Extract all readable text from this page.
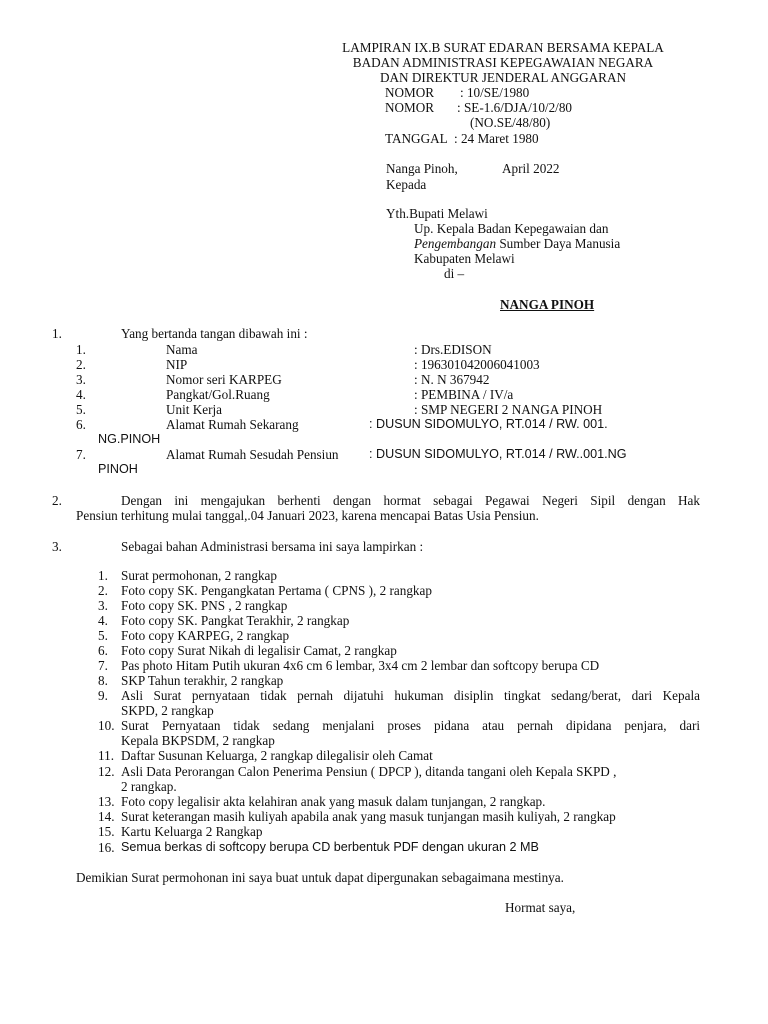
LAMPIRAN IX.B SURAT EDARAN BERSAMA KEPALA
BADAN ADMINISTRASI KEPEGAWAIAN NEGARA
DAN DIREKTUR JENDERAL ANGGARAN
NOMOR : 10/SE/1980
NOMOR : SE-1.6/DJA/10/2/80
(NO.SE/48/80)
TANGGAL : 24 Maret 1980
Nanga Pinoh,	April 2022
Kepada
Yth.Bupati Melawi
Up. Kepala Badan Kepegawaian dan
Pengembangan Sumber Daya Manusia
Kabupaten Melawi
di –
NANGA PINOH
1.	Yang bertanda tangan dibawah ini :
1.	Nama	: Drs.EDISON
2.	NIP	: 196301042006041003
3.	Nomor seri KARPEG	: N. N 367942
4.	Pangkat/Gol.Ruang	: PEMBINA / IV/a
5.	Unit Kerja	: SMP NEGERI 2 NANGA PINOH
6.	Alamat Rumah Sekarang	: DUSUN SIDOMULYO, RT.014 / RW. 001.
NG.PINOH
7.	Alamat Rumah Sesudah Pensiun : DUSUN SIDOMULYO, RT.014 / RW..001.NG
PINOH
2.	Dengan ini mengajukan berhenti dengan hormat sebagai Pegawai Negeri Sipil dengan Hak
Pensiun terhitung mulai tanggal,.04 Januari 2023, karena mencapai Batas Usia Pensiun.
3.	Sebagai bahan Administrasi bersama ini saya lampirkan :
1. Surat permohonan, 2 rangkap
2. Foto copy SK. Pengangkatan Pertama ( CPNS ), 2 rangkap
3. Foto copy SK. PNS , 2 rangkap
4. Foto copy SK. Pangkat Terakhir, 2 rangkap
5. Foto copy KARPEG, 2 rangkap
6. Foto copy Surat Nikah di legalisir Camat, 2 rangkap
7. Pas photo Hitam Putih ukuran 4x6 cm 6 lembar, 3x4 cm 2 lembar dan softcopy berupa CD
8. SKP Tahun terakhir, 2 rangkap
9. Asli Surat pernyataan tidak pernah dijatuhi hukuman disiplin tingkat sedang/berat, dari Kepala
SKPD, 2 rangkap
10. Surat Pernyataan tidak sedang menjalani proses pidana atau pernah dipidana penjara, dari
Kepala BKPSDM, 2 rangkap
11. Daftar Susunan Keluarga, 2 rangkap dilegalisir oleh Camat
12. Asli Data Perorangan Calon Penerima Pensiun ( DPCP ), ditanda tangani oleh Kepala SKPD ,
2 rangkap.
13. Foto copy legalisir akta kelahiran anak yang masuk dalam tunjangan, 2 rangkap.
14. Surat keterangan masih kuliyah apabila anak yang masuk tunjangan masih kuliyah, 2 rangkap
15. Kartu Keluarga 2 Rangkap
16. Semua berkas di softcopy berupa CD berbentuk PDF dengan ukuran 2 MB
Demikian Surat permohonan ini saya buat untuk dapat dipergunakan sebagaimana mestinya.
Hormat saya,
